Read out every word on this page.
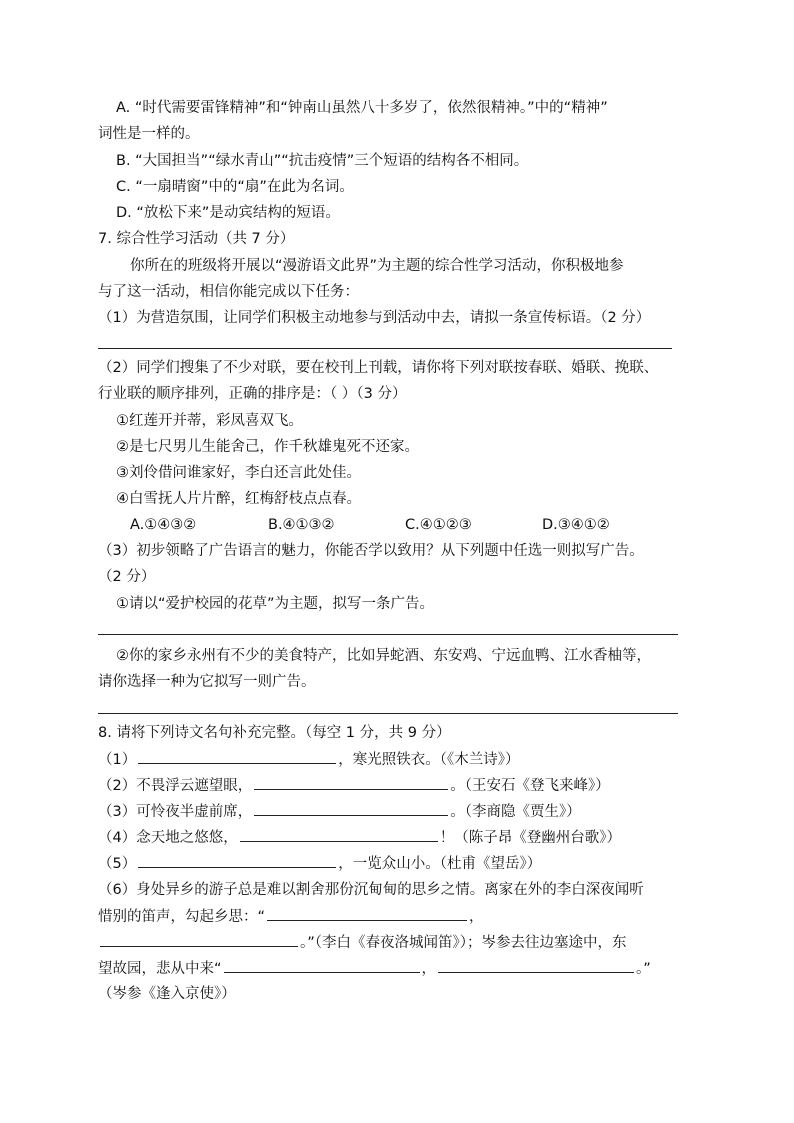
A. “时代需要雷锋精神”和“钟南山虽然八十多岁了，依然很精神。”中的“精神”
词性是一样的。
B. “大国担当”“绿水青山”“抗击疫情”三个短语的结构各不相同。
C. “一扇晴窗”中的“扇”在此为名词。
D. “放松下来”是动宾结构的短语。
7. 综合性学习活动（共 7 分）
你所在的班级将开展以“漫游语文此界”为主题的综合性学习活动，你积极地参
与了这一活动，相信你能完成以下任务：
（1）为营造氛围，让同学们积极主动地参与到活动中去，请拟一条宣传标语。（2 分）
（2）同学们搜集了不少对联，要在校刊上刊载，请你将下列对联按春联、婚联、挽联、
行业联的顺序排列，正确的排序是：（ ）（3 分）
①红莲开并蒂，彩凤喜双飞。
②是七尺男儿生能舍己，作千秋雄鬼死不还家。
③刘伶借问谁家好，李白还言此处佳。
④白雪抚人片片醉，红梅舒枝点点春。
A.①④③②	B.④①③②	C.④①②③	D.③④①②
（3）初步领略了广告语言的魅力，你能否学以致用？从下列题中任选一则拟写广告。
（2 分）
①请以“爱护校园的花草”为主题，拟写一条广告。
②你的家乡永州有不少的美食特产，比如异蛇酒、东安鸡、宁远血鸭、江水香柚等，
请你选择一种为它拟写一则广告。
8. 请将下列诗文名句补充完整。（每空 1 分，共 9 分）
（1）	，寒光照铁衣。（《木兰诗》）
（2）不畏浮云遮望眼，	。（王安石《登飞来峰》）
（3）可怜夜半虚前席，	。（李商隐《贾生》）
（4）念天地之悠悠，	！（陈子昂《登幽州台歌》）
（5）	，一览众山小。（杜甫《望岳》）
（6）身处异乡的游子总是难以割舍那份沉甸甸的思乡之情。离家在外的李白深夜闻听
惜别的笛声，勾起乡思：“	，
。”（李白《春夜洛城闻笛》）；岑参去往边塞途中，东
望故园，悲从中来“	，	。”
（岑参《逢入京使》）
